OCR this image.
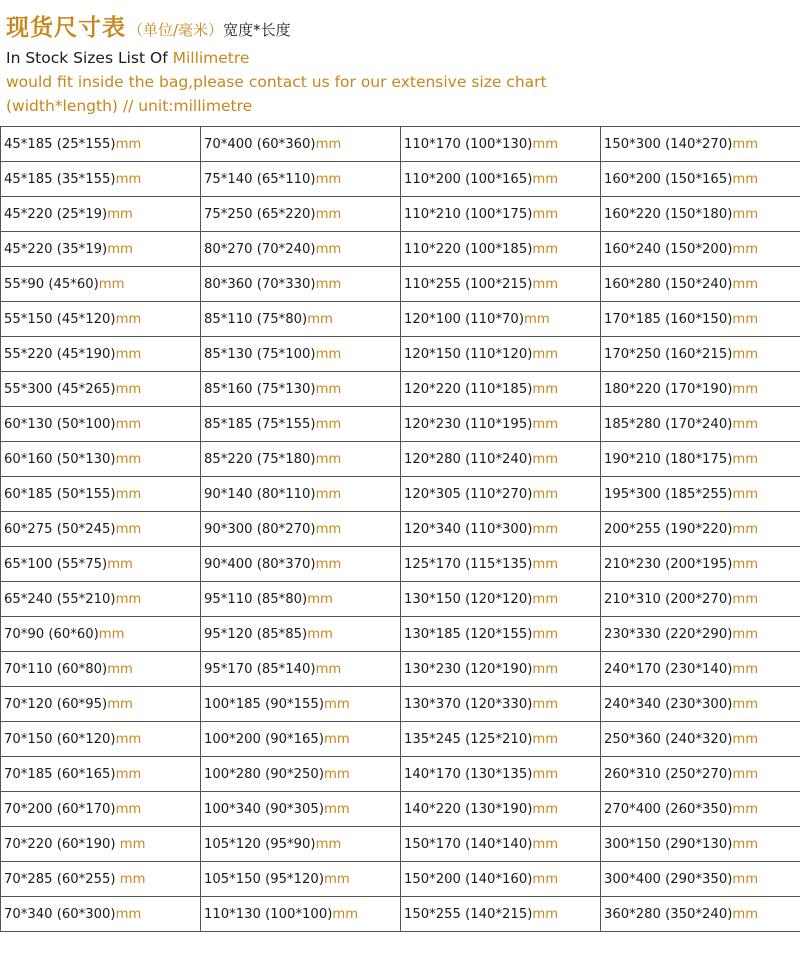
现货尺寸表 （单位/毫米）宽度*长度
In Stock Sizes List Of Millimetre
would fit inside the bag,please contact us for our extensive size chart
(width*length) // unit:millimetre
45*185 (25*155)mm	70*400 (60*360)mm	110*170 (100*130)mm	150*300 (140*270)mm
45*185 (35*155)mm	75*140 (65*110)mm	110*200 (100*165)mm	160*200 (150*165)mm
45*220 (25*19)mm	75*250 (65*220)mm	110*210 (100*175)mm	160*220 (150*180)mm
45*220 (35*19)mm	80*270 (70*240)mm	110*220 (100*185)mm	160*240 (150*200)mm
55*90 (45*60)mm	80*360 (70*330)mm	110*255 (100*215)mm	160*280 (150*240)mm
55*150 (45*120)mm	85*110 (75*80)mm	120*100 (110*70)mm	170*185 (160*150)mm
55*220 (45*190)mm	85*130 (75*100)mm	120*150 (110*120)mm	170*250 (160*215)mm
55*300 (45*265)mm	85*160 (75*130)mm	120*220 (110*185)mm	180*220 (170*190)mm
60*130 (50*100)mm	85*185 (75*155)mm	120*230 (110*195)mm	185*280 (170*240)mm
60*160 (50*130)mm	85*220 (75*180)mm	120*280 (110*240)mm	190*210 (180*175)mm
60*185 (50*155)mm	90*140 (80*110)mm	120*305 (110*270)mm	195*300 (185*255)mm
60*275 (50*245)mm	90*300 (80*270)mm	120*340 (110*300)mm	200*255 (190*220)mm
65*100 (55*75)mm	90*400 (80*370)mm	125*170 (115*135)mm	210*230 (200*195)mm
65*240 (55*210)mm	95*110 (85*80)mm	130*150 (120*120)mm	210*310 (200*270)mm
70*90 (60*60)mm	95*120 (85*85)mm	130*185 (120*155)mm	230*330 (220*290)mm
70*110 (60*80)mm	95*170 (85*140)mm	130*230 (120*190)mm	240*170 (230*140)mm
70*120 (60*95)mm	100*185 (90*155)mm	130*370 (120*330)mm	240*340 (230*300)mm
70*150 (60*120)mm	100*200 (90*165)mm	135*245 (125*210)mm	250*360 (240*320)mm
70*185 (60*165)mm	100*280 (90*250)mm	140*170 (130*135)mm	260*310 (250*270)mm
70*200 (60*170)mm	100*340 (90*305)mm	140*220 (130*190)mm	270*400 (260*350)mm
70*220 (60*190) mm	105*120 (95*90)mm	150*170 (140*140)mm	300*150 (290*130)mm
70*285 (60*255) mm	105*150 (95*120)mm	150*200 (140*160)mm	300*400 (290*350)mm
70*340 (60*300)mm	110*130 (100*100)mm	150*255 (140*215)mm	360*280 (350*240)mm
